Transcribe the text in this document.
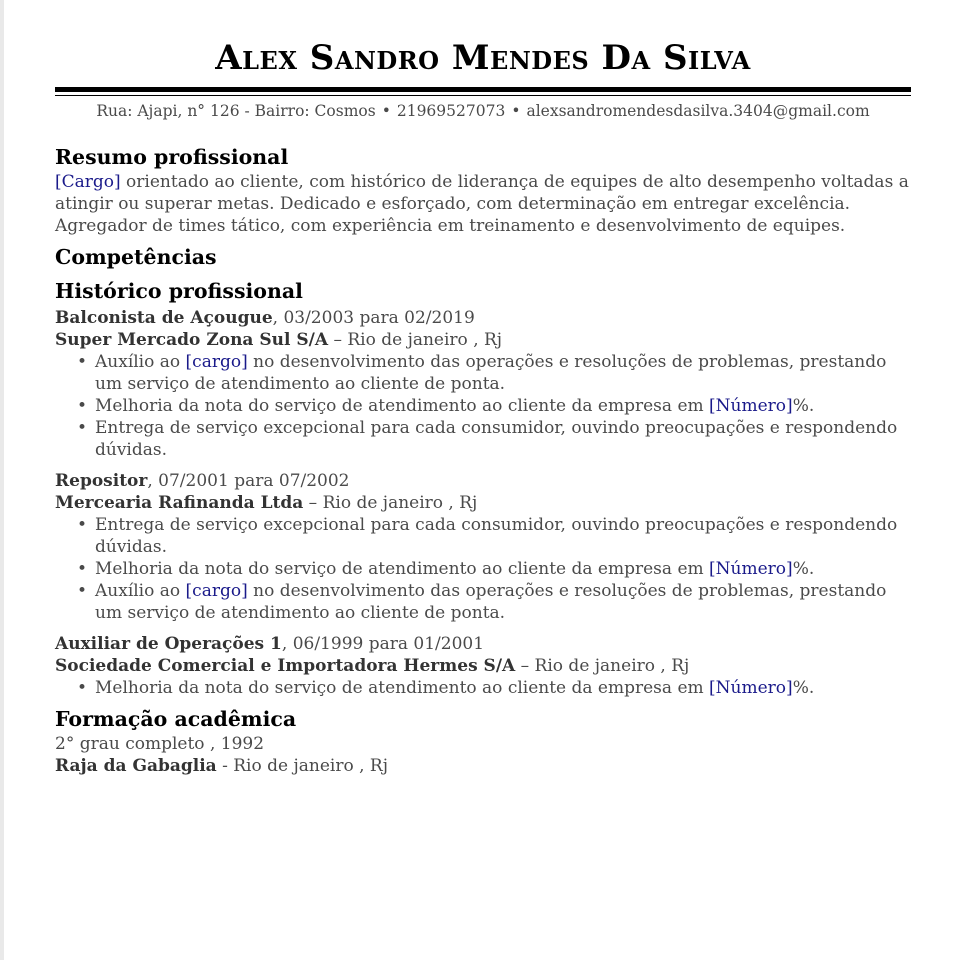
Alex Sandro Mendes Da Silva
Rua: Ajapi, n° 126 - Bairro: Cosmos • 21969527073 • alexsandromendesdasilva.3404@gmail.com
Resumo profissional
[Cargo] orientado ao cliente, com histórico de liderança de equipes de alto desempenho voltadas a atingir ou superar metas. Dedicado e esforçado, com determinação em entregar excelência. Agregador de times tático, com experiência em treinamento e desenvolvimento de equipes.
Competências
Histórico profissional
Balconista de Açougue, 03/2003 para 02/2019
Super Mercado Zona Sul S/A – Rio de janeiro , Rj
• Auxílio ao [cargo] no desenvolvimento das operações e resoluções de problemas, prestando um serviço de atendimento ao cliente de ponta.
• Melhoria da nota do serviço de atendimento ao cliente da empresa em [Número]%.
• Entrega de serviço excepcional para cada consumidor, ouvindo preocupações e respondendo dúvidas.
Repositor, 07/2001 para 07/2002
Mercearia Rafinanda Ltda – Rio de janeiro , Rj
• Entrega de serviço excepcional para cada consumidor, ouvindo preocupações e respondendo dúvidas.
• Melhoria da nota do serviço de atendimento ao cliente da empresa em [Número]%.
• Auxílio ao [cargo] no desenvolvimento das operações e resoluções de problemas, prestando um serviço de atendimento ao cliente de ponta.
Auxiliar de Operações 1, 06/1999 para 01/2001
Sociedade Comercial e Importadora Hermes S/A – Rio de janeiro , Rj
• Melhoria da nota do serviço de atendimento ao cliente da empresa em [Número]%.
Formação acadêmica
2° grau completo , 1992
Raja da Gabaglia - Rio de janeiro , Rj
